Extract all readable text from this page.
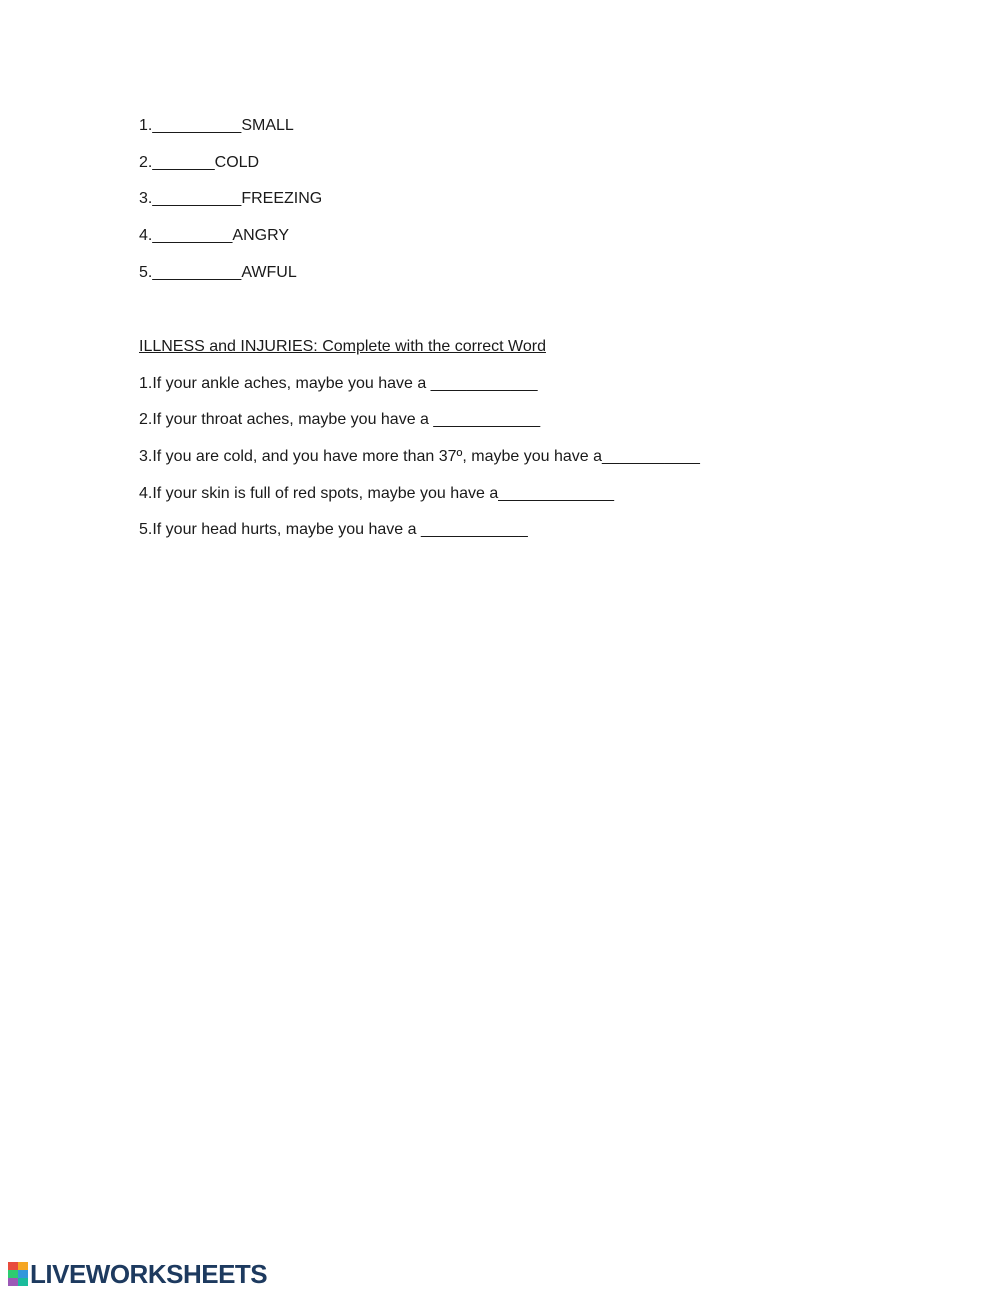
1.__________SMALL

2._______COLD

3.__________FREEZING

4._________ANGRY

5.__________AWFUL

ILLNESS and INJURIES: Complete with the correct Word

1.If your ankle aches, maybe you have a ____________

2.If your throat aches, maybe you have a ____________

3.If you are cold, and you have more than 37º, maybe you have a___________

4.If your skin is full of red spots, maybe you have a_____________

5.If your head hurts, maybe you have a ____________

LIVEWORKSHEETS
